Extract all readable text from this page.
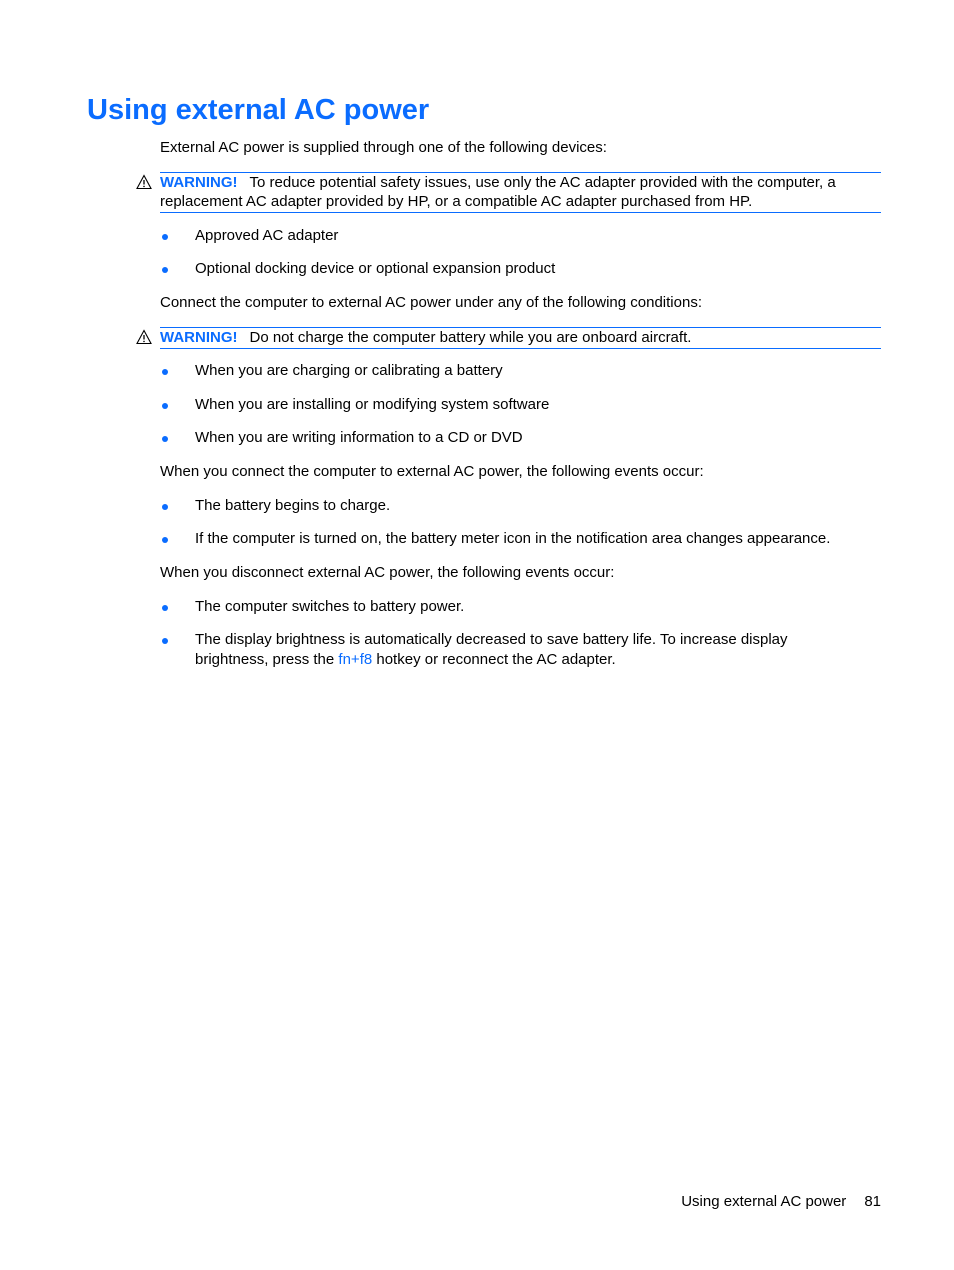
Using external AC power

External AC power is supplied through one of the following devices:

WARNING! To reduce potential safety issues, use only the AC adapter provided with the computer, a replacement AC adapter provided by HP, or a compatible AC adapter purchased from HP.
Approved AC adapter
Optional docking device or optional expansion product

Connect the computer to external AC power under any of the following conditions:

WARNING! Do not charge the computer battery while you are onboard aircraft.
When you are charging or calibrating a battery
When you are installing or modifying system software
When you are writing information to a CD or DVD

When you connect the computer to external AC power, the following events occur:

The battery begins to charge.
If the computer is turned on, the battery meter icon in the notification area changes appearance.

When you disconnect external AC power, the following events occur:

The computer switches to battery power.
The display brightness is automatically decreased to save battery life. To increase display brightness, press the fn+f8 hotkey or reconnect the AC adapter.
Using external AC power 81
